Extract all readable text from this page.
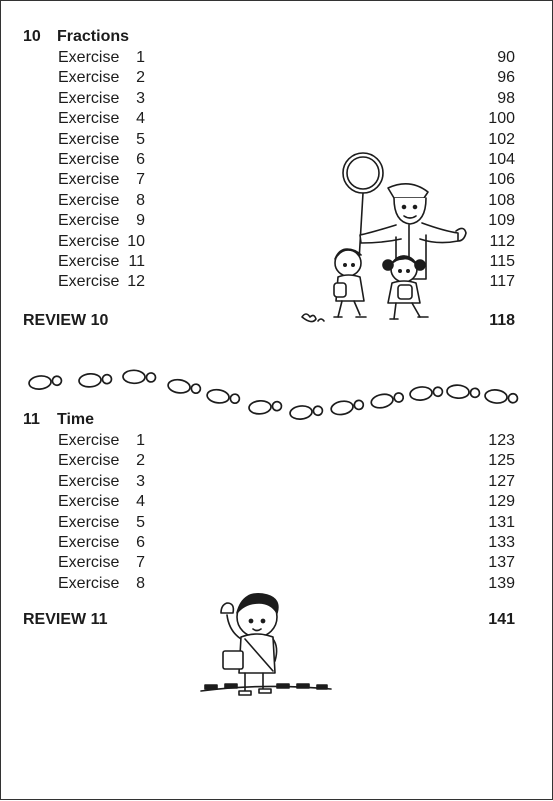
10 Fractions
Exercise	1	90
Exercise	2	96
Exercise	3	98
Exercise	4	100
Exercise	5	102
Exercise	6	104
Exercise	7	106
Exercise	8	108
Exercise	9	109
Exercise 10	112
Exercise 11	115
Exercise 12	117
REVIEW 10	118
11 Time
Exercise	1	123
Exercise	2	125
Exercise	3	127
Exercise	4	129
Exercise	5	131
Exercise	6	133
Exercise	7	137
Exercise	8	139
REVIEW 11	141
